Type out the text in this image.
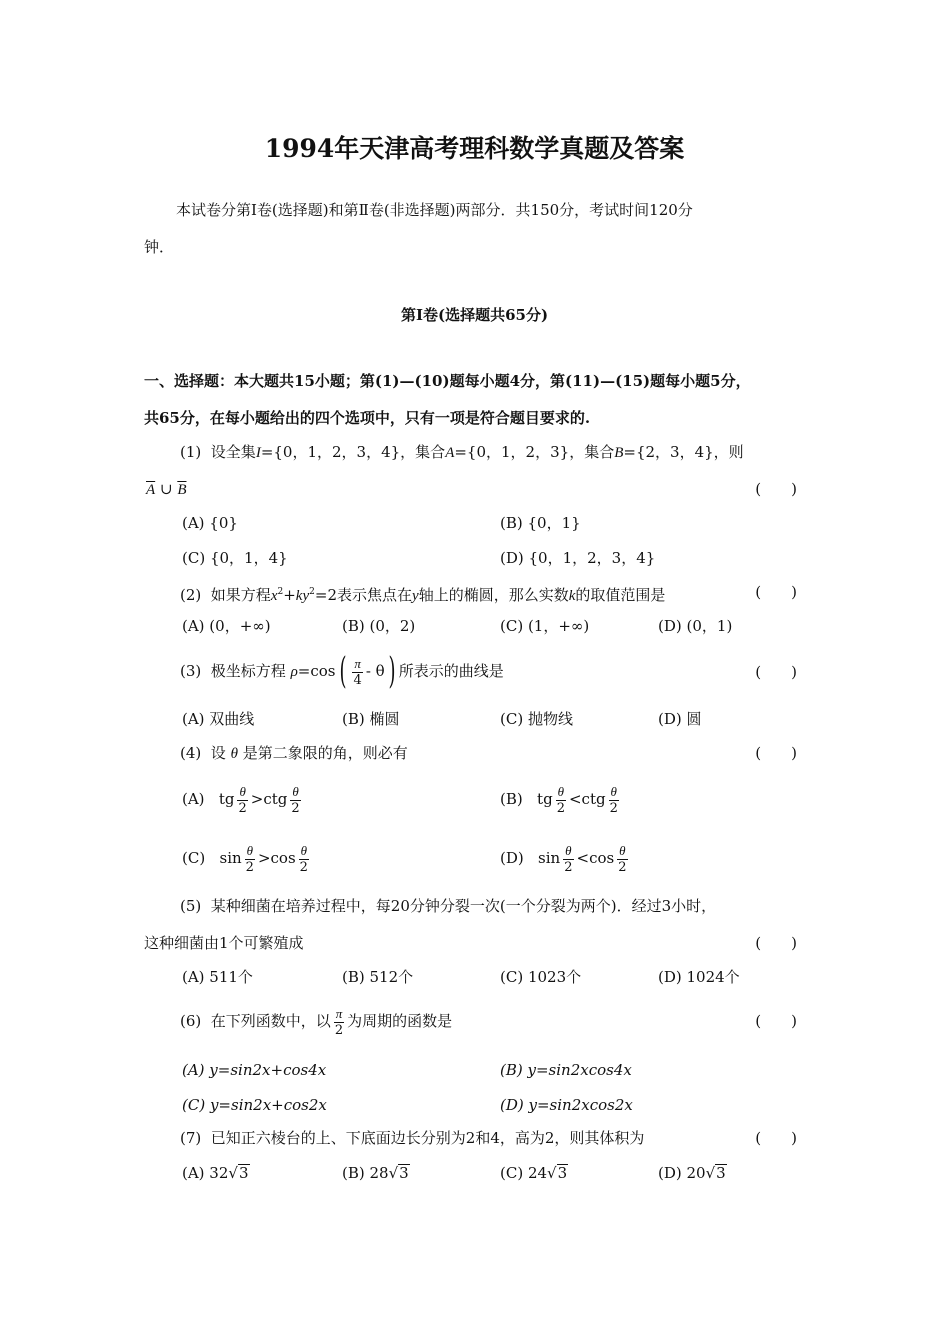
1994年天津高考理科数学真题及答案
本试卷分第Ⅰ卷(选择题)和第Ⅱ卷(非选择题)两部分．共150分，考试时间120分
钟．
第Ⅰ卷(选择题共65分)
一、选择题：本大题共15小题；第(1)—(10)题每小题4分，第(11)—(15)题每小题5分，
共65分，在每小题给出的四个选项中，只有一项是符合题目要求的.
(1) 设全集I={0，1，2，3，4}，集合A={0，1，2，3}，集合B={2，3，4}，则
$\overline{A}$ ∪ $\overline{B}$	(　　)
(A) {0}	(B) {0，1}
(C) {0，1，4}	(D) {0，1，2，3，4}
(2) 如果方程$x^2+ky^2=2$表示焦点在y轴上的椭圆，那么实数k的取值范围是	(　　)
(A) (0，+∞)	(B) (0，2)	(C) (1，+∞)	(D) (0，1)
(3) 极坐标方程 $\rho=\cos( \frac{\pi}{4} - \theta)$ 所表示的曲线是	(　　)
(A) 双曲线	(B) 椭圆	(C) 抛物线	(D) 圆
(4) 设 θ 是第二象限的角，则必有	(　　)
(A) tg $\frac{\theta}{2} >ctg \frac{\theta}{2}$	(B) tg $\frac{\theta}{2} <ctg \frac{\theta}{2}$
(C) $\sin \frac{\theta}{2} >\cos \frac{\theta}{2}$	(D) $\sin \frac{\theta}{2} <\cos \frac{\theta}{2}$
(5) 某种细菌在培养过程中，每20分钟分裂一次(一个分裂为两个)．经过3小时，
这种细菌由1个可繁殖成	(　　)
(A) 511个	(B) 512个	(C) 1023个	(D) 1024个
(6) 在下列函数中，以 $\frac{\pi}{2}$ 为周期的函数是	(　　)
(A) y=sin2x+cos4x	(B) y=sin2xcos4x
(C) y=sin2x+cos2x	(D) y=sin2xcos2x
(7) 已知正六棱台的上、下底面边长分别为2和4，高为2，则其体积为	(　　)
(A) 32√3	(B) 28√3	(C) 24√3	(D) 20√3
